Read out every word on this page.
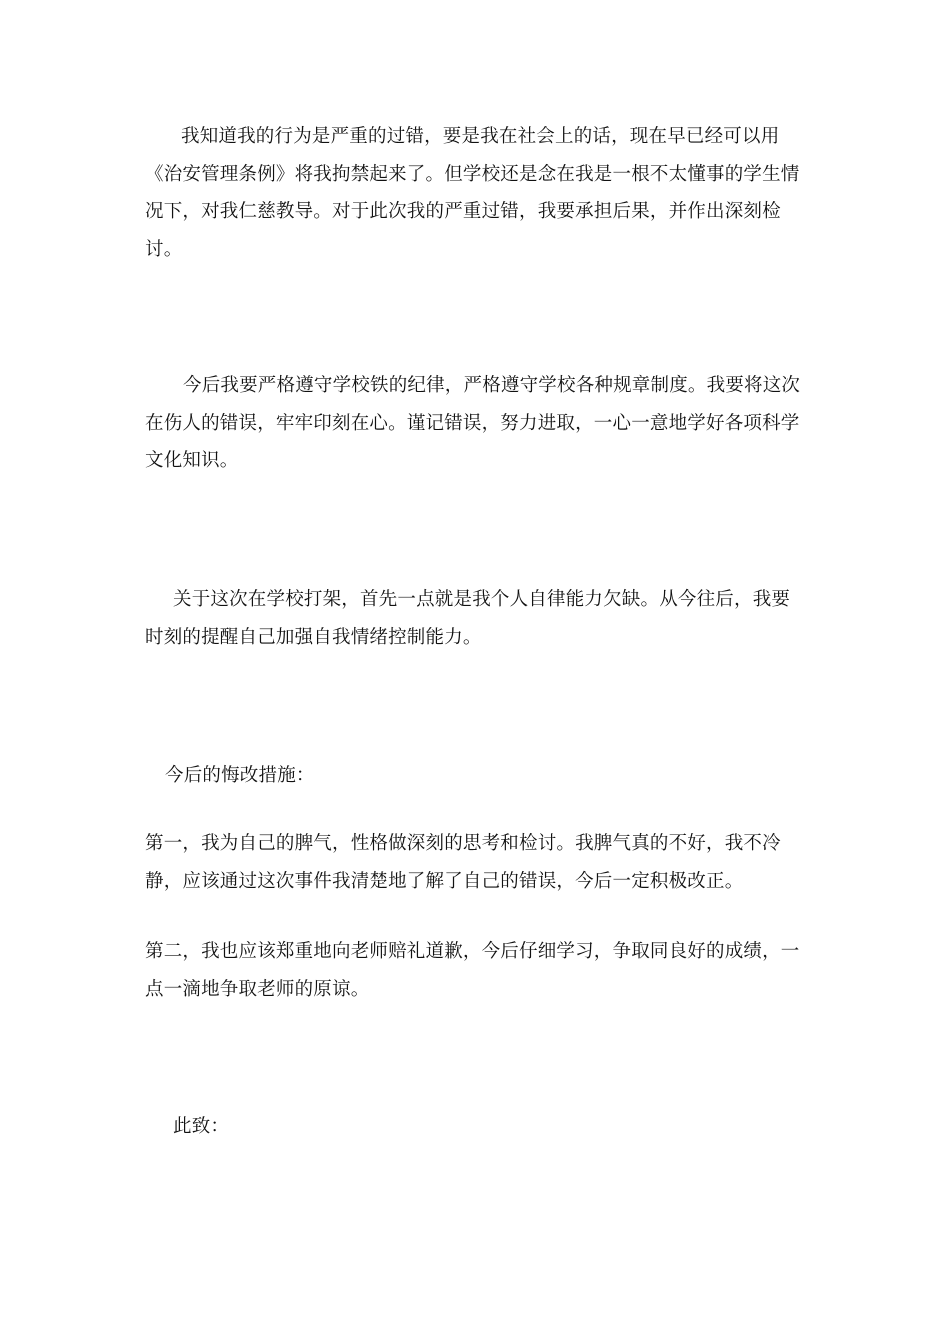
我知道我的行为是严重的过错，要是我在社会上的话，现在早已经可以用《治安管理条例》将我拘禁起来了。但学校还是念在我是一根不太懂事的学生情况下，对我仁慈教导。对于此次我的严重过错，我要承担后果，并作出深刻检讨。

今后我要严格遵守学校铁的纪律，严格遵守学校各种规章制度。我要将这次在伤人的错误，牢牢印刻在心。谨记错误，努力进取，一心一意地学好各项科学文化知识。

关于这次在学校打架，首先一点就是我个人自律能力欠缺。从今往后，我要时刻的提醒自己加强自我情绪控制能力。

今后的悔改措施：

第一，我为自己的脾气，性格做深刻的思考和检讨。我脾气真的不好，我不冷静，应该通过这次事件我清楚地了解了自己的错误，今后一定积极改正。

第二，我也应该郑重地向老师赔礼道歉，今后仔细学习，争取同良好的成绩，一点一滴地争取老师的原谅。

此致：
